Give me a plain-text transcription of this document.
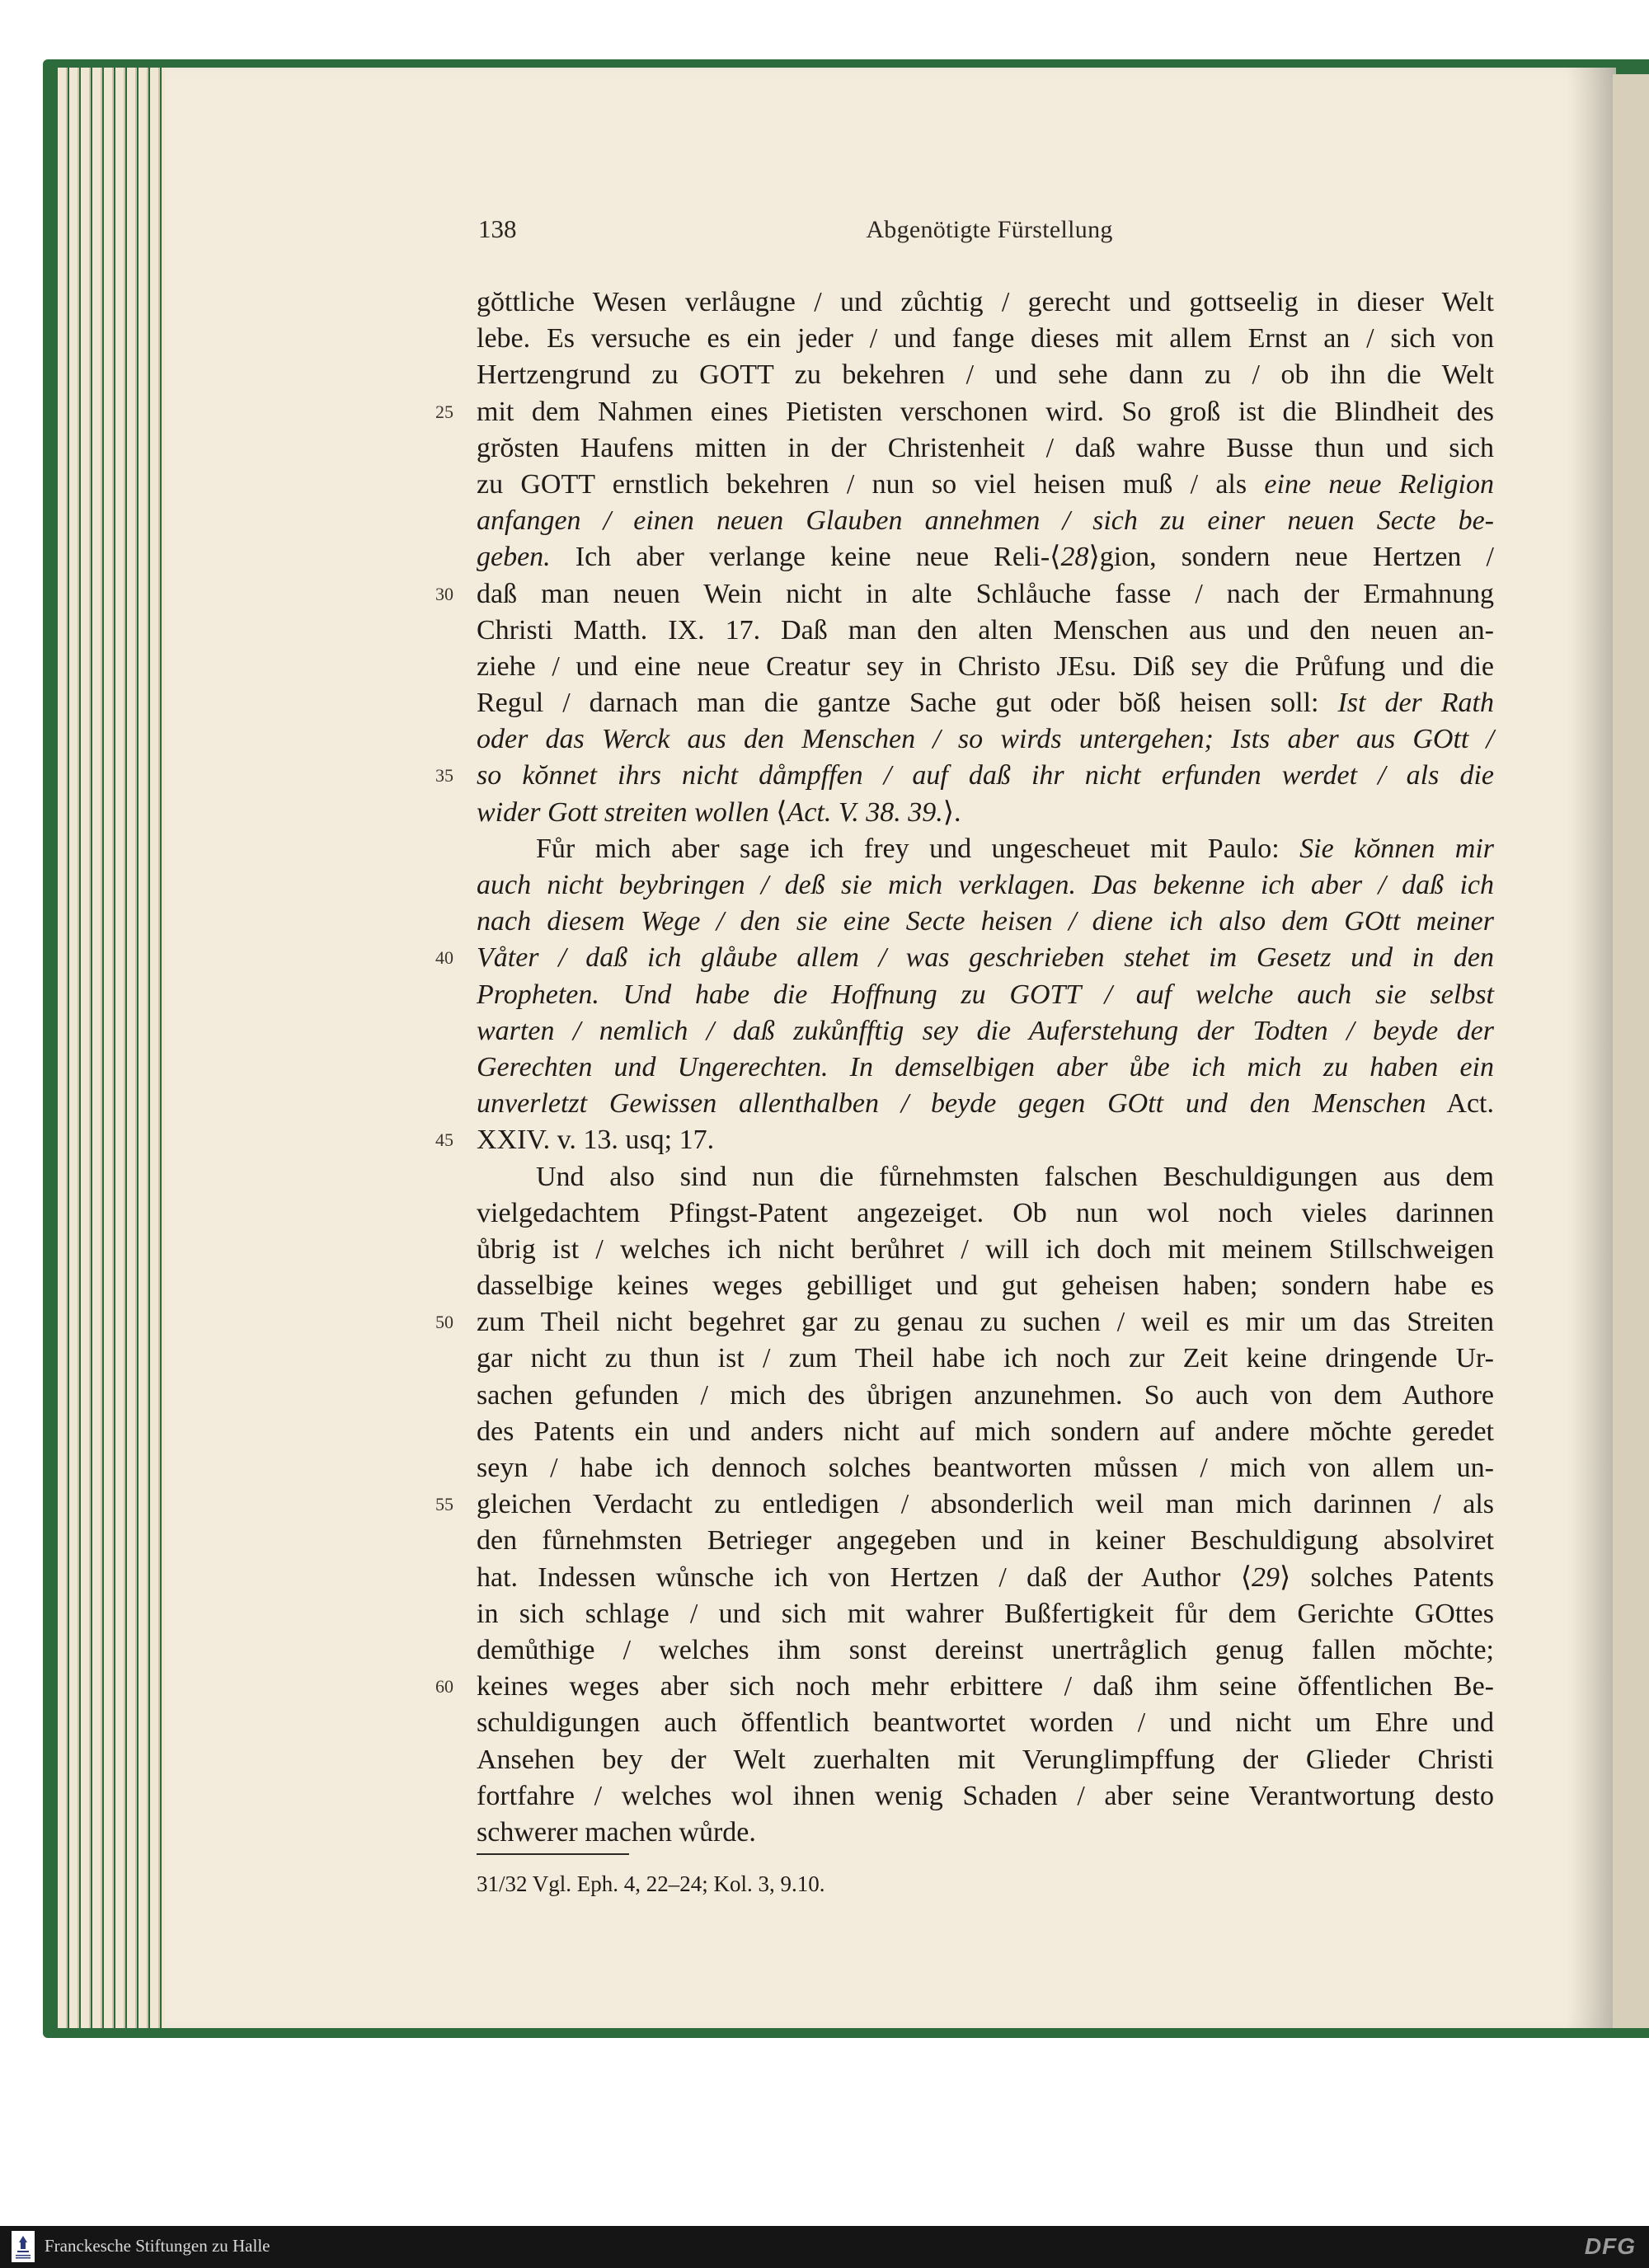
138	Abgenötigte Fürstellung
gŏttliche Wesen verlåugne / und zůchtig / gerecht und gottseelig in dieser Welt
lebe. Es versuche es ein jeder / und fange dieses mit allem Ernst an / sich von
Hertzengrund zu GOTT zu bekehren / und sehe dann zu / ob ihn die Welt
mit dem Nahmen eines Pietisten verschonen wird. So groß ist die Blindheit des
25
grŏsten Haufens mitten in der Christenheit / daß wahre Busse thun und sich
zu GOTT ernstlich bekehren / nun so viel heisen muß / als eine neue Religion
anfangen / einen neuen Glauben annehmen / sich zu einer neuen Secte be-
geben. Ich aber verlange keine neue Reli-⟨28⟩gion, sondern neue Hertzen /
daß man neuen Wein nicht in alte Schlåuche fasse / nach der Ermahnung
30
Christi Matth. IX. 17. Daß man den alten Menschen aus und den neuen an-
ziehe / und eine neue Creatur sey in Christo JEsu. Diß sey die Průfung und die
Regul / darnach man die gantze Sache gut oder bŏß heisen soll: Ist der Rath
oder das Werck aus den Menschen / so wirds untergehen; Ists aber aus GOtt /
so kŏnnet ihrs nicht dåmpffen / auf daß ihr nicht erfunden werdet / als die
35
wider Gott streiten wollen ⟨Act. V. 38. 39.⟩.
Fůr mich aber sage ich frey und ungescheuet mit Paulo: Sie kŏnnen mir
auch nicht beybringen / deß sie mich verklagen. Das bekenne ich aber / daß ich
nach diesem Wege / den sie eine Secte heisen / diene ich also dem GOtt meiner
Våter / daß ich glåube allem / was geschrieben stehet im Gesetz und in den
40
Propheten. Und habe die Hoffnung zu GOTT / auf welche auch sie selbst
warten / nemlich / daß zukůnfftig sey die Auferstehung der Todten / beyde der
Gerechten und Ungerechten. In demselbigen aber ůbe ich mich zu haben ein
unverletzt Gewissen allenthalben / beyde gegen GOtt und den Menschen Act.
XXIV. v. 13. usq; 17.
45
Und also sind nun die fůrnehmsten falschen Beschuldigungen aus dem
vielgedachtem Pfingst-Patent angezeiget. Ob nun wol noch vieles darinnen
ůbrig ist / welches ich nicht berůhret / will ich doch mit meinem Stillschweigen
dasselbige keines weges gebilliget und gut geheisen haben; sondern habe es
zum Theil nicht begehret gar zu genau zu suchen / weil es mir um das Streiten
50
gar nicht zu thun ist / zum Theil habe ich noch zur Zeit keine dringende Ur-
sachen gefunden / mich des ůbrigen anzunehmen. So auch von dem Authore
des Patents ein und anders nicht auf mich sondern auf andere mŏchte geredet
seyn / habe ich dennoch solches beantworten můssen / mich von allem un-
gleichen Verdacht zu entledigen / absonderlich weil man mich darinnen / als
55
den fůrnehmsten Betrieger angegeben und in keiner Beschuldigung absolviret
hat. Indessen wůnsche ich von Hertzen / daß der Author ⟨29⟩ solches Patents
in sich schlage / und sich mit wahrer Bußfertigkeit fůr dem Gerichte GOttes
demůthige / welches ihm sonst dereinst unertråglich genug fallen mŏchte;
keines weges aber sich noch mehr erbittere / daß ihm seine ŏffentlichen Be-
60
schuldigungen auch ŏffentlich beantwortet worden / und nicht um Ehre und
Ansehen bey der Welt zuerhalten mit Verunglimpffung der Glieder Christi
fortfahre / welches wol ihnen wenig Schaden / aber seine Verantwortung desto
schwerer machen wůrde.
31/32 Vgl. Eph. 4, 22–24; Kol. 3, 9.10.
Franckesche Stiftungen zu Halle	DFG
